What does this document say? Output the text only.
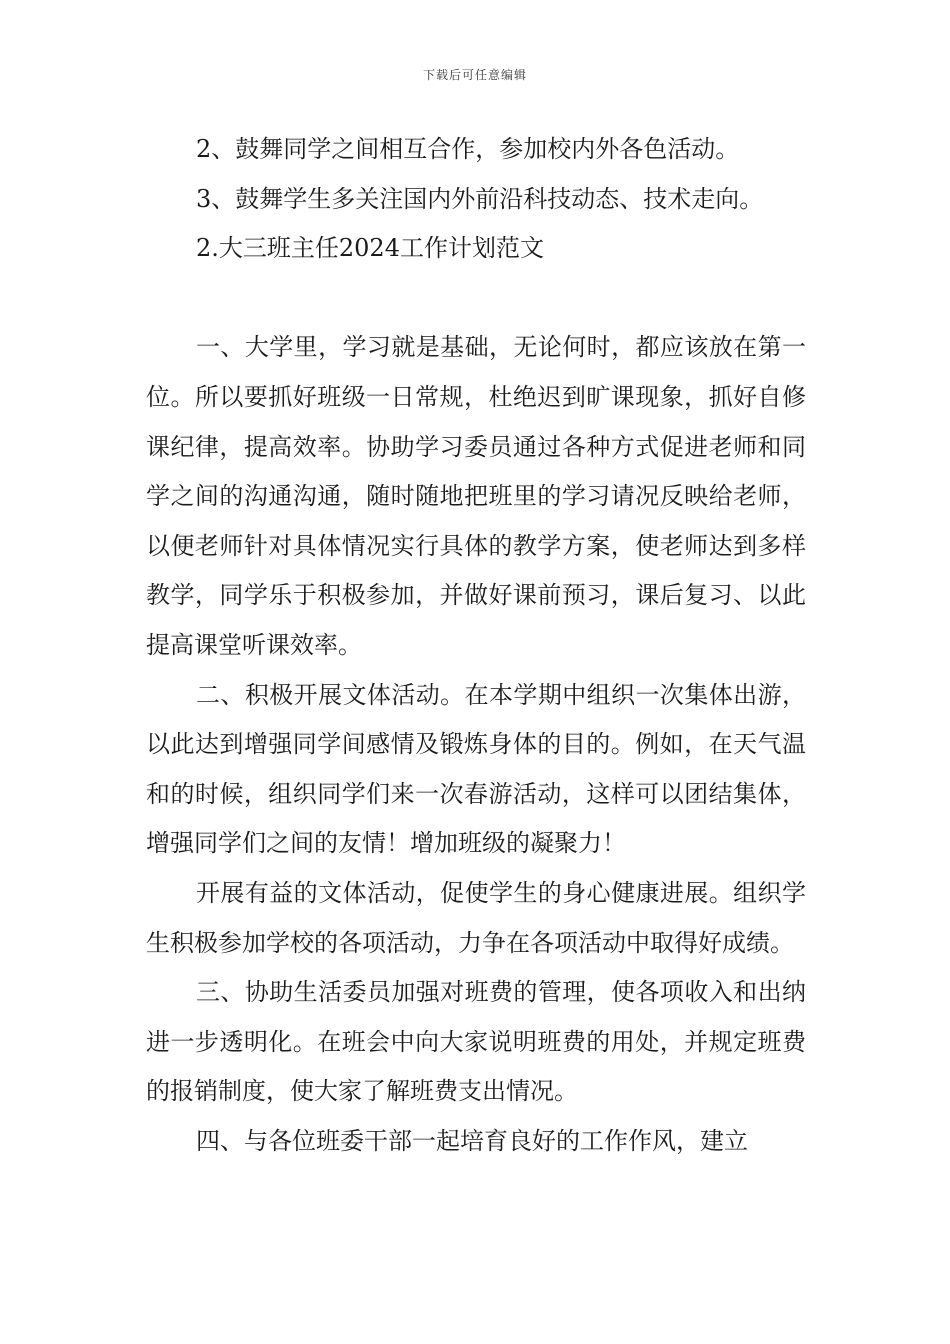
下载后可任意编辑

2、鼓舞同学之间相互合作，参加校内外各色活动。

3、鼓舞学生多关注国内外前沿科技动态、技术走向。

2.大三班主任2024工作计划范文

一、大学里，学习就是基础，无论何时，都应该放在第一位。所以要抓好班级一日常规，杜绝迟到旷课现象，抓好自修课纪律，提高效率。协助学习委员通过各种方式促进老师和同学之间的沟通沟通，随时随地把班里的学习请况反映给老师，以便老师针对具体情况实行具体的教学方案，使老师达到多样教学，同学乐于积极参加，并做好课前预习，课后复习、以此提高课堂听课效率。

二、积极开展文体活动。在本学期中组织一次集体出游，以此达到增强同学间感情及锻炼身体的目的。例如，在天气温和的时候，组织同学们来一次春游活动，这样可以团结集体，增强同学们之间的友情！增加班级的凝聚力！

开展有益的文体活动，促使学生的身心健康进展。组织学生积极参加学校的各项活动，力争在各项活动中取得好成绩。

三、协助生活委员加强对班费的管理，使各项收入和出纳进一步透明化。在班会中向大家说明班费的用处，并规定班费的报销制度，使大家了解班费支出情况。

四、与各位班委干部一起培育良好的工作作风，建立
